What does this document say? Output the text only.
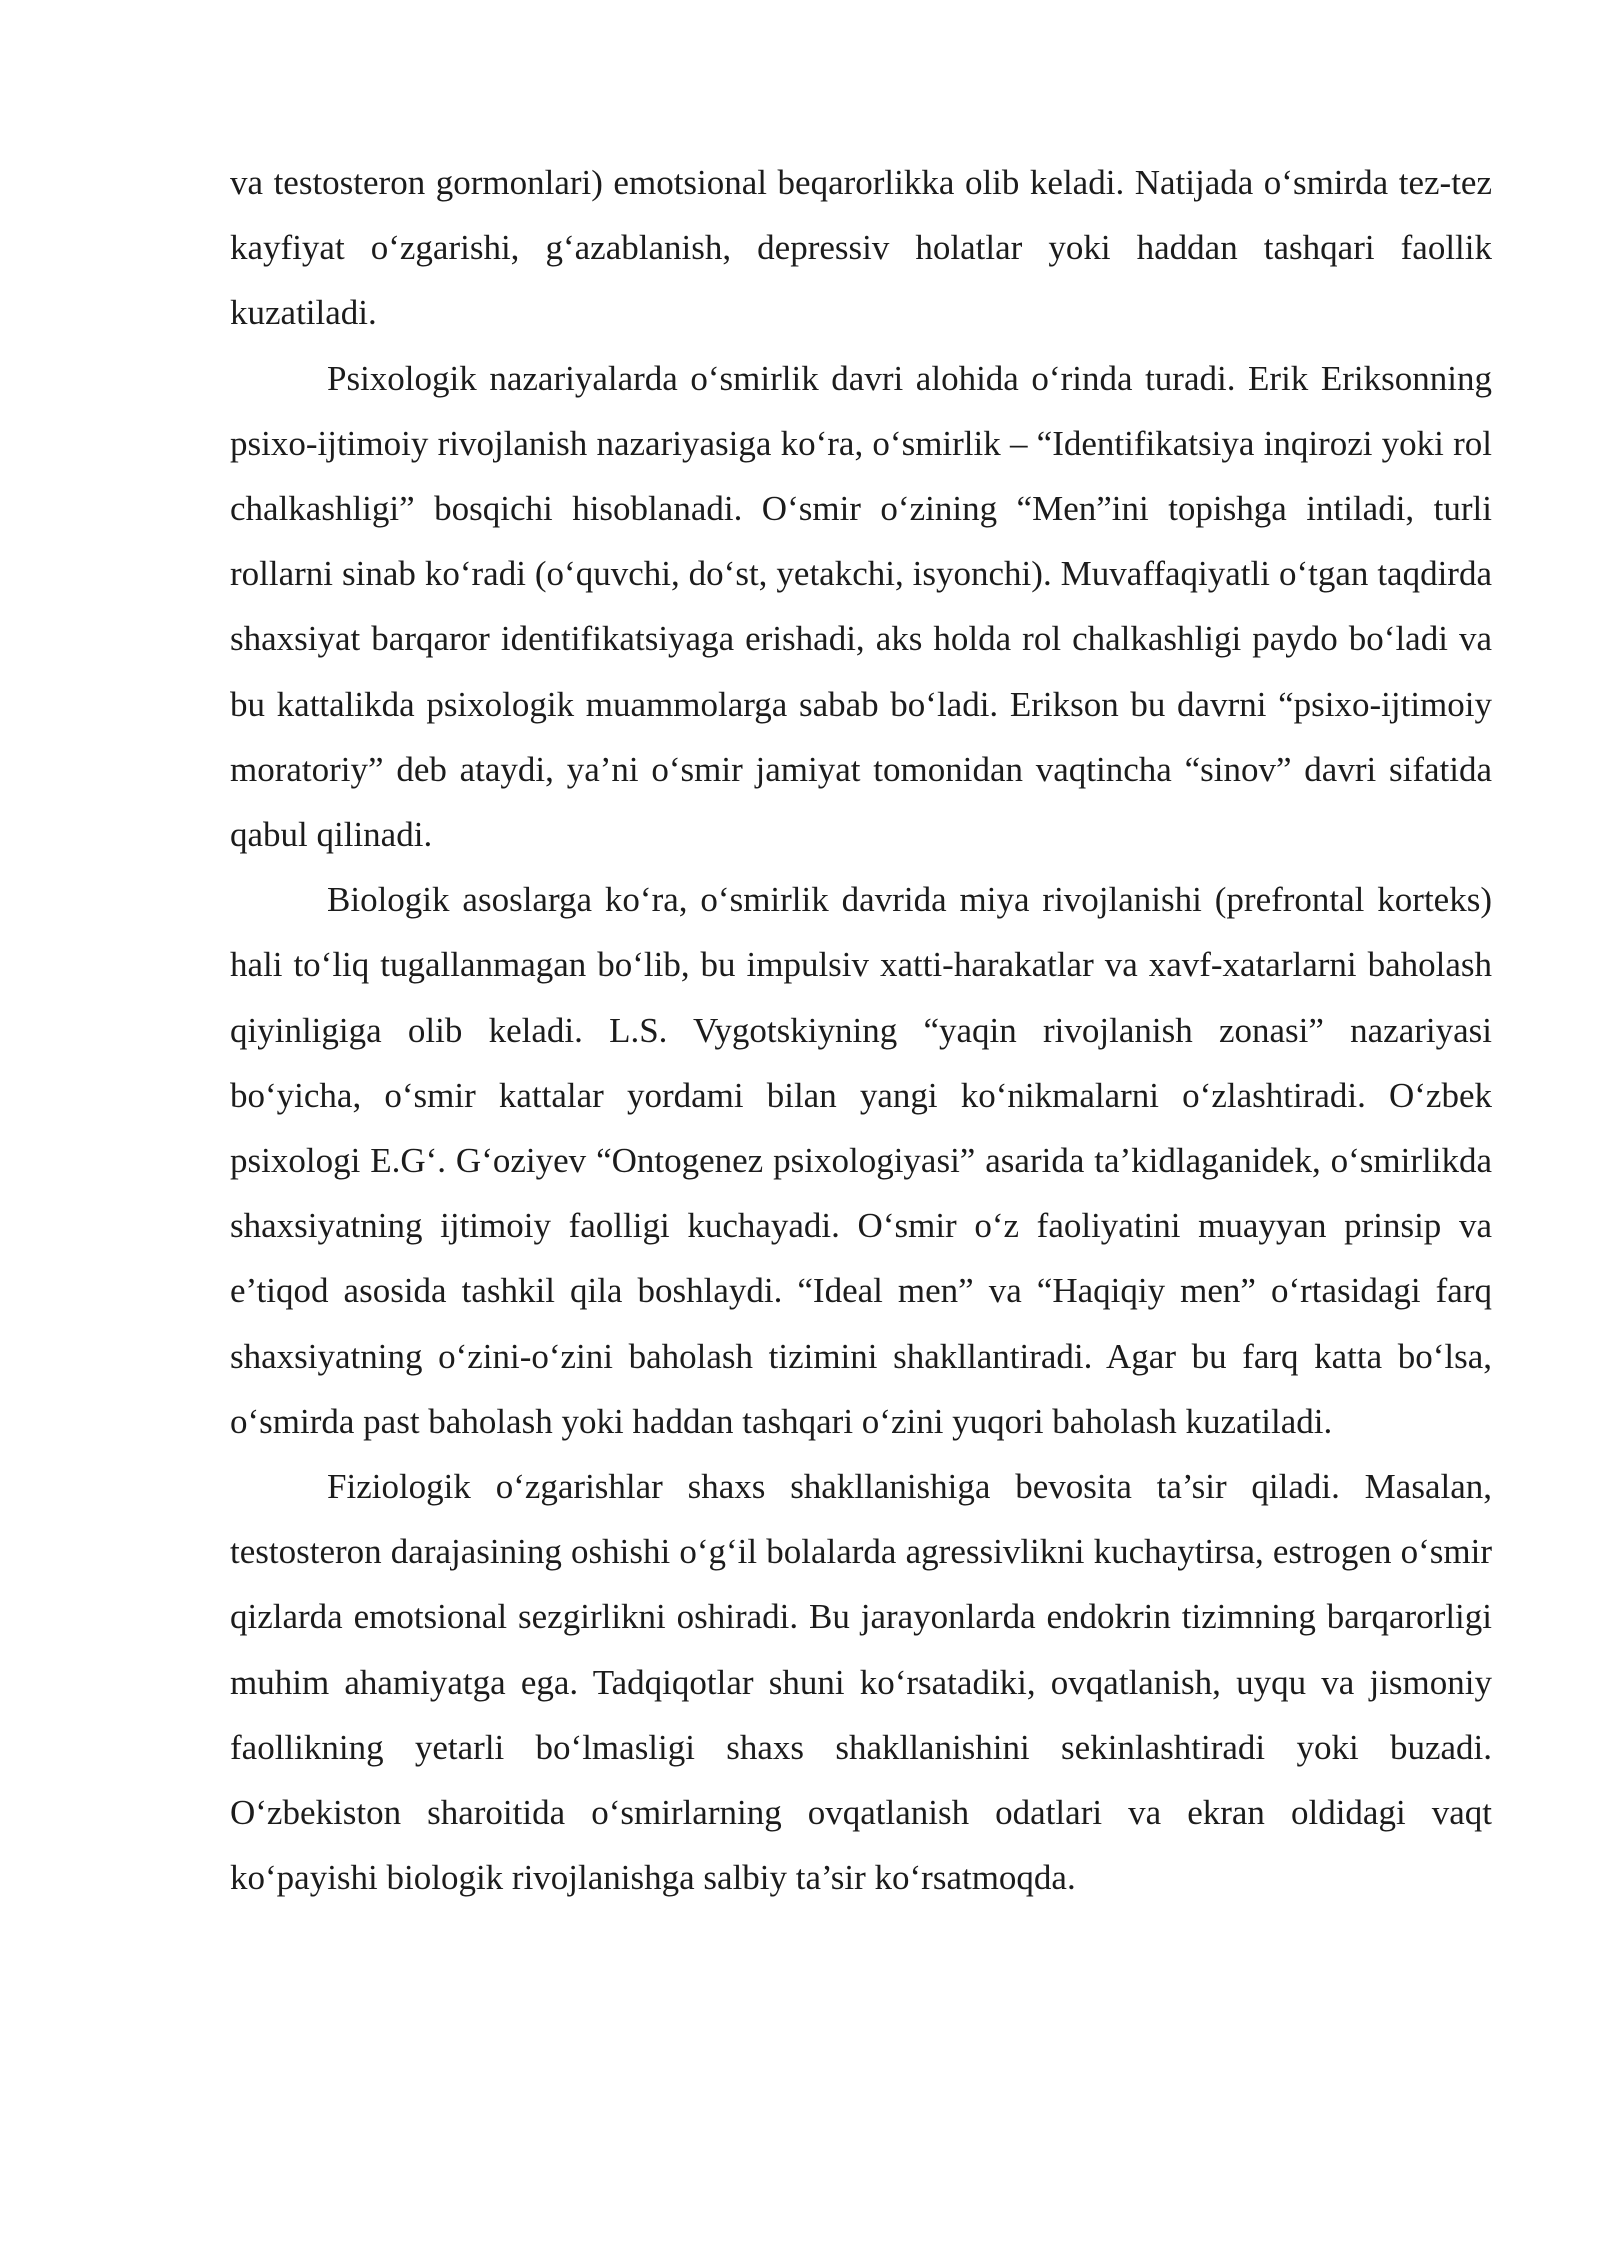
va testosteron gormonlari) emotsional beqarorlikka olib keladi. Natijada o‘smirda tez-tez kayfiyat o‘zgarishi, g‘azablanish, depressiv holatlar yoki haddan tashqari faollik kuzatiladi.

Psixologik nazariyalarda o‘smirlik davri alohida o‘rinda turadi. Erik Eriksonning psixo-ijtimoiy rivojlanish nazariyasiga ko‘ra, o‘smirlik – “Identifikatsiya inqirozi yoki rol chalkashligi” bosqichi hisoblanadi. O‘smir o‘zining “Men”ini topishga intiladi, turli rollarni sinab ko‘radi (o‘quvchi, do‘st, yetakchi, isyonchi). Muvaffaqiyatli o‘tgan taqdirda shaxsiyat barqaror identifikatsiyaga erishadi, aks holda rol chalkashligi paydo bo‘ladi va bu kattalikda psixologik muammolarga sabab bo‘ladi. Erikson bu davrni “psixo-ijtimoiy moratoriy” deb ataydi, ya’ni o‘smir jamiyat tomonidan vaqtincha “sinov” davri sifatida qabul qilinadi.

Biologik asoslarga ko‘ra, o‘smirlik davrida miya rivojlanishi (prefrontal korteks) hali to‘liq tugallanmagan bo‘lib, bu impulsiv xatti-harakatlar va xavf-xatarlarni baholash qiyinligiga olib keladi. L.S. Vygotskiyning “yaqin rivojlanish zonasi” nazariyasi bo‘yicha, o‘smir kattalar yordami bilan yangi ko‘nikmalarni o‘zlashtiradi. O‘zbek psixologi E.G‘. G‘oziyev “Ontogenez psixologiyasi” asarida ta’kidlaganidek, o‘smirlikda shaxsiyatning ijtimoiy faolligi kuchayadi. O‘smir o‘z faoliyatini muayyan prinsip va e’tiqod asosida tashkil qila boshlaydi. “Ideal men” va “Haqiqiy men” o‘rtasidagi farq shaxsiyatning o‘zini-o‘zini baholash tizimini shakllantiradi. Agar bu farq katta bo‘lsa, o‘smirda past baholash yoki haddan tashqari o‘zini yuqori baholash kuzatiladi.

Fiziologik o‘zgarishlar shaxs shakllanishiga bevosita ta’sir qiladi. Masalan, testosteron darajasining oshishi o‘g‘il bolalarda agressivlikni kuchaytirsa, estrogen o‘smir qizlarda emotsional sezgirlikni oshiradi. Bu jarayonlarda endokrin tizimning barqarorligi muhim ahamiyatga ega. Tadqiqotlar shuni ko‘rsatadiki, ovqatlanish, uyqu va jismoniy faollikning yetarli bo‘lmasligi shaxs shakllanishini sekinlashtiradi yoki buzadi. O‘zbekiston sharoitida o‘smirlarning ovqatlanish odatlari va ekran oldidagi vaqt ko‘payishi biologik rivojlanishga salbiy ta’sir ko‘rsatmoqda.
